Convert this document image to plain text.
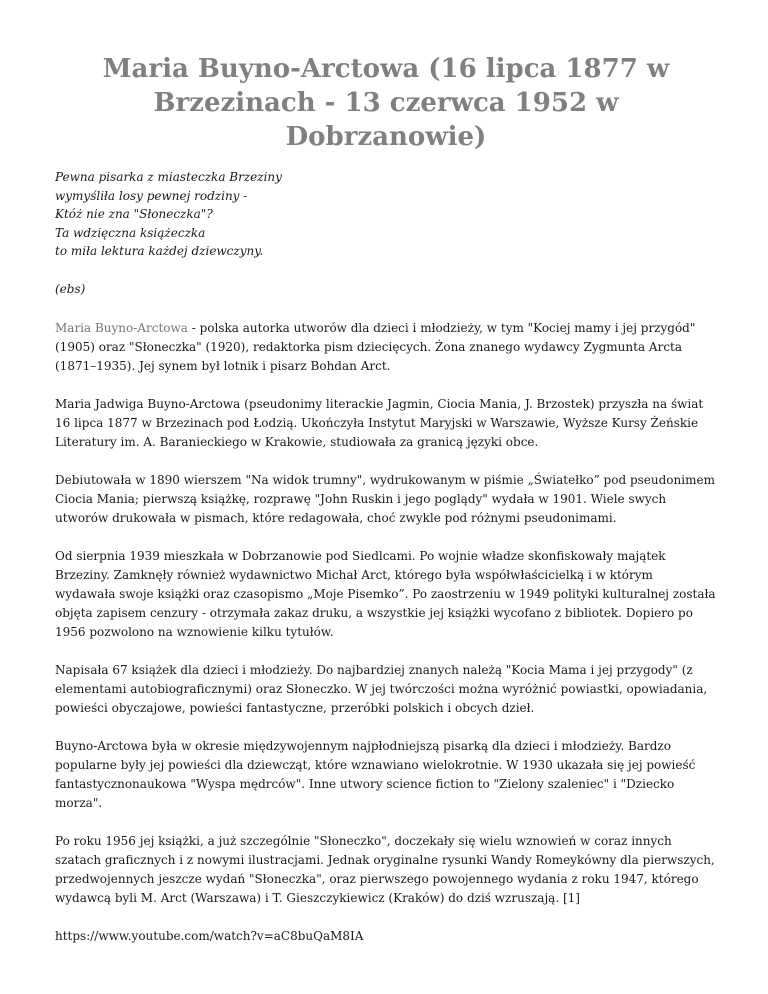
Maria Buyno-Arctowa (16 lipca 1877 w Brzezinach - 13 czerwca 1952 w Dobrzanowie)
Pewna pisarka z miasteczka Brzeziny
wymyśliła losy pewnej rodziny -
Któż nie zna "Słoneczka"?
Ta wdzięczna książeczka
to miła lektura każdej dziewczyny.
(ebs)

Maria Buyno-Arctowa - polska autorka utworów dla dzieci i młodzieży, w tym "Kociej mamy i jej przygód" (1905) oraz "Słoneczka" (1920), redaktorka pism dziecięcych. Żona znanego wydawcy Zygmunta Arcta (1871–1935). Jej synem był lotnik i pisarz Bohdan Arct.

Maria Jadwiga Buyno-Arctowa (pseudonimy literackie Jagmin, Ciocia Mania, J. Brzostek) przyszła na świat 16 lipca 1877 w Brzezinach pod Łodzią. Ukończyła Instytut Maryjski w Warszawie, Wyższe Kursy Żeńskie Literatury im. A. Baranieckiego w Krakowie, studiowała za granicą języki obce.

Debiutowała w 1890 wierszem "Na widok trumny", wydrukowanym w piśmie „Światełko” pod pseudonimem Ciocia Mania; pierwszą książkę, rozprawę "John Ruskin i jego poglądy" wydała w 1901. Wiele swych utworów drukowała w pismach, które redagowała, choć zwykle pod różnymi pseudonimami.

Od sierpnia 1939 mieszkała w Dobrzanowie pod Siedlcami. Po wojnie władze skonfiskowały majątek Brzeziny. Zamknęły również wydawnictwo Michał Arct, którego była współwłaścicielką i w którym wydawała swoje książki oraz czasopismo „Moje Pisemko”. Po zaostrzeniu w 1949 polityki kulturalnej została objęta zapisem cenzury - otrzymała zakaz druku, a wszystkie jej książki wycofano z bibliotek. Dopiero po 1956 pozwolono na wznowienie kilku tytułów.

Napisała 67 książek dla dzieci i młodzieży. Do najbardziej znanych należą "Kocia Mama i jej przygody" (z elementami autobiograficznymi) oraz Słoneczko. W jej twórczości można wyróżnić powiastki, opowiadania, powieści obyczajowe, powieści fantastyczne, przeróbki polskich i obcych dzieł.

Buyno-Arctowa była w okresie międzywojennym najpłodniejszą pisarką dla dzieci i młodzieży. Bardzo popularne były jej powieści dla dziewcząt, które wznawiano wielokrotnie. W 1930 ukazała się jej powieść fantastycznonaukowa "Wyspa mędrców". Inne utwory science fiction to "Zielony szaleniec" i "Dziecko morza".

Po roku 1956 jej książki, a już szczególnie "Słoneczko", doczekały się wielu wznowień w coraz innych szatach graficznych i z nowymi ilustracjami. Jednak oryginalne rysunki Wandy Romeykówny dla pierwszych, przedwojennych jeszcze wydań "Słoneczka", oraz pierwszego powojennego wydania z roku 1947, którego wydawcą byli M. Arct (Warszawa) i T. Gieszczykiewicz (Kraków) do dziś wzruszają. [1]

https://www.youtube.com/watch?v=aC8buQaM8IA
